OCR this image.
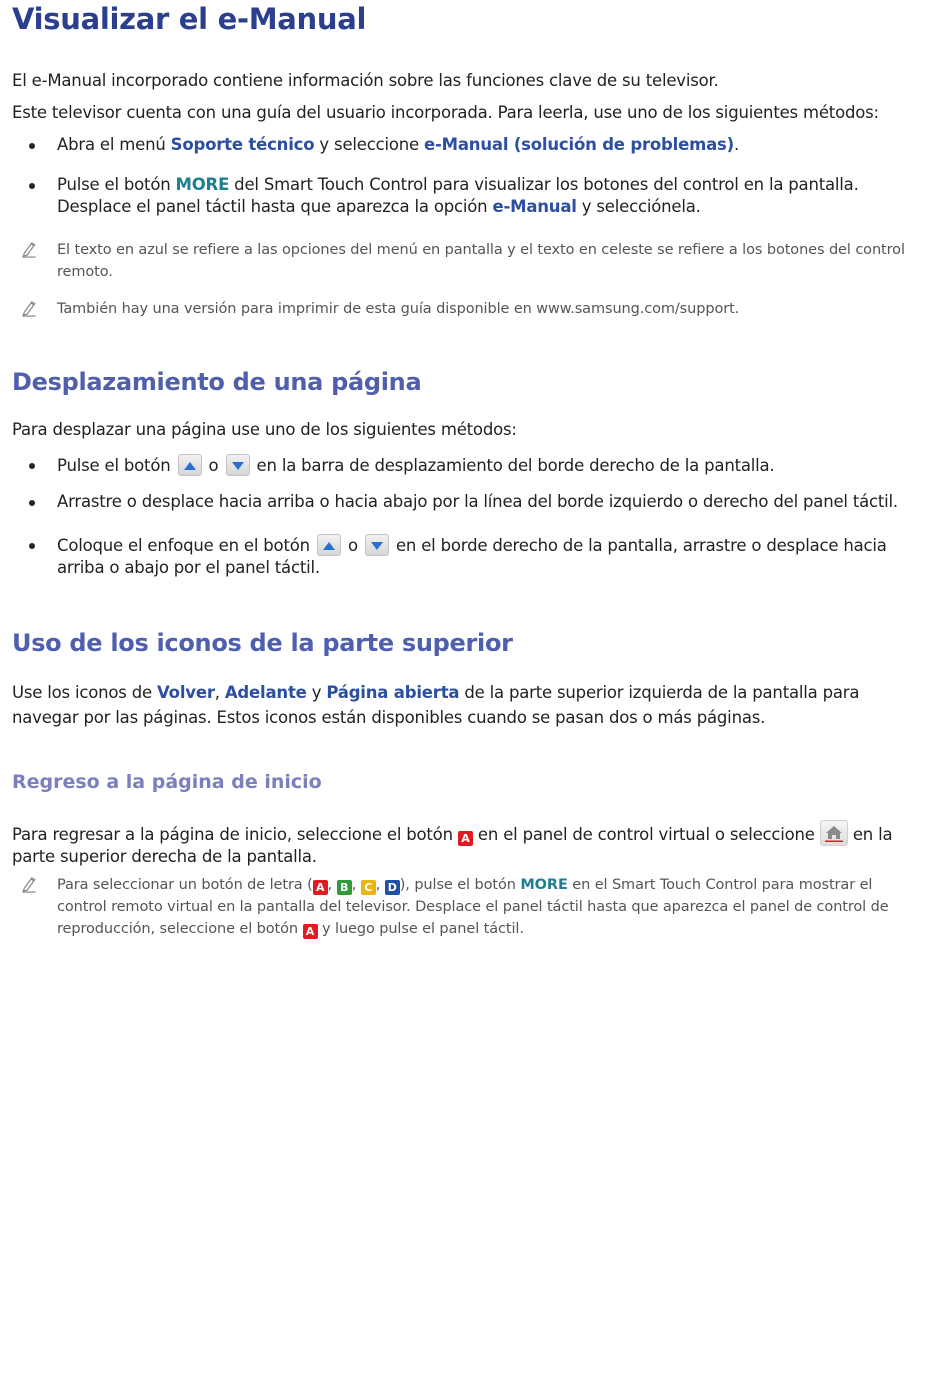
Visualizar el e-Manual

El e-Manual incorporado contiene información sobre las funciones clave de su televisor.

Este televisor cuenta con una guía del usuario incorporada. Para leerla, use uno de los siguientes métodos:

Abra el menú Soporte técnico y seleccione e-Manual (solución de problemas).

Pulse el botón MORE del Smart Touch Control para visualizar los botones del control en la pantalla. Desplace el panel táctil hasta que aparezca la opción e-Manual y selecciónela.

El texto en azul se refiere a las opciones del menú en pantalla y el texto en celeste se refiere a los botones del control remoto.

También hay una versión para imprimir de esta guía disponible en www.samsung.com/support.

Desplazamiento de una página

Para desplazar una página use uno de los siguientes métodos:

Pulse el botón
o
en la barra de desplazamiento del borde derecho de la pantalla.

Arrastre o desplace hacia arriba o hacia abajo por la línea del borde izquierdo o derecho del panel táctil.

Coloque el enfoque en el botón
o
en el borde derecho de la pantalla, arrastre o desplace hacia arriba o abajo por el panel táctil.

Uso de los iconos de la parte superior

Use los iconos de Volver, Adelante y Página abierta de la parte superior izquierda de la pantalla para navegar por las páginas. Estos iconos están disponibles cuando se pasan dos o más páginas.

Regreso a la página de inicio

Para regresar a la página de inicio, seleccione el botón A en el panel de control virtual o seleccione
en la parte superior derecha de la pantalla.

Para seleccionar un botón de letra ( A , B , C , D ), pulse el botón MORE en el Smart Touch Control para mostrar el control remoto virtual en la pantalla del televisor. Desplace el panel táctil hasta que aparezca el panel de control de reproducción, seleccione el botón A y luego pulse el panel táctil.
